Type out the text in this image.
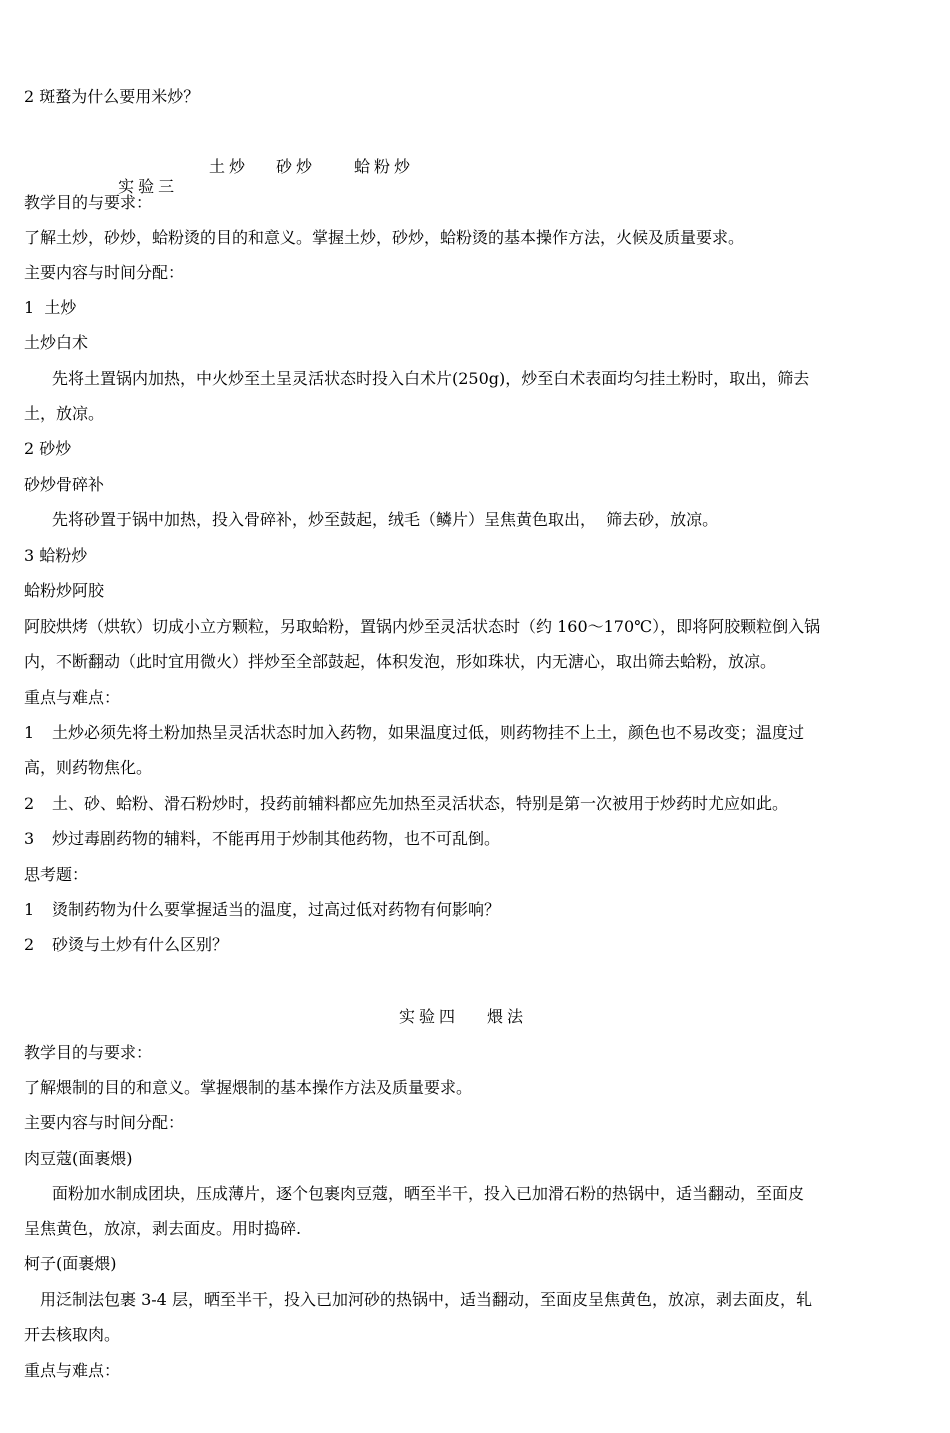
2 斑蝥为什么要用米炒？

实验三

土炒 砂炒 蛤粉炒
教学目的与要求：
了解土炒，砂炒，蛤粉烫的目的和意义。掌握土炒，砂炒，蛤粉烫的基本操作方法，火候及质量要求。
主要内容与时间分配：
1  土炒
土炒白术
先将土置锅内加热，中火炒至土呈灵活状态时投入白术片(250g)，炒至白术表面均匀挂土粉时，取出，筛去
土，放凉。
2 砂炒
砂炒骨碎补
先将砂置于锅中加热，投入骨碎补，炒至鼓起，绒毛（鳞片）呈焦黄色取出，  筛去砂，放凉。
3 蛤粉炒
蛤粉炒阿胶
阿胶烘烤（烘软）切成小立方颗粒，另取蛤粉，置锅内炒至灵活状态时（约 160～170℃），即将阿胶颗粒倒入锅
内，不断翻动（此时宜用微火）拌炒至全部鼓起，体积发泡，形如珠状，内无溏心，取出筛去蛤粉，放凉。
重点与难点：
1 土炒必须先将土粉加热呈灵活状态时加入药物，如果温度过低，则药物挂不上土，颜色也不易改变；温度过
高，则药物焦化。
2 土、砂、蛤粉、滑石粉炒时，投药前辅料都应先加热至灵活状态，特别是第一次被用于炒药时尤应如此。
3 炒过毒剧药物的辅料，不能再用于炒制其他药物，也不可乱倒。
思考题：
1 烫制药物为什么要掌握适当的温度，过高过低对药物有何影响？
2 砂烫与土炒有什么区别？
实验四 煨法
教学目的与要求：
了解煨制的目的和意义。掌握煨制的基本操作方法及质量要求。
主要内容与时间分配：
肉豆蔻(面裹煨)
面粉加水制成团块，压成薄片，逐个包裹肉豆蔻，晒至半干，投入已加滑石粉的热锅中，适当翻动，至面皮
呈焦黄色，放凉，剥去面皮。用时捣碎.
柯子(面裹煨)
用泛制法包裹 3-4 层，晒至半干，投入已加河砂的热锅中，适当翻动，至面皮呈焦黄色，放凉，剥去面皮，轧
开去核取肉。
重点与难点：
